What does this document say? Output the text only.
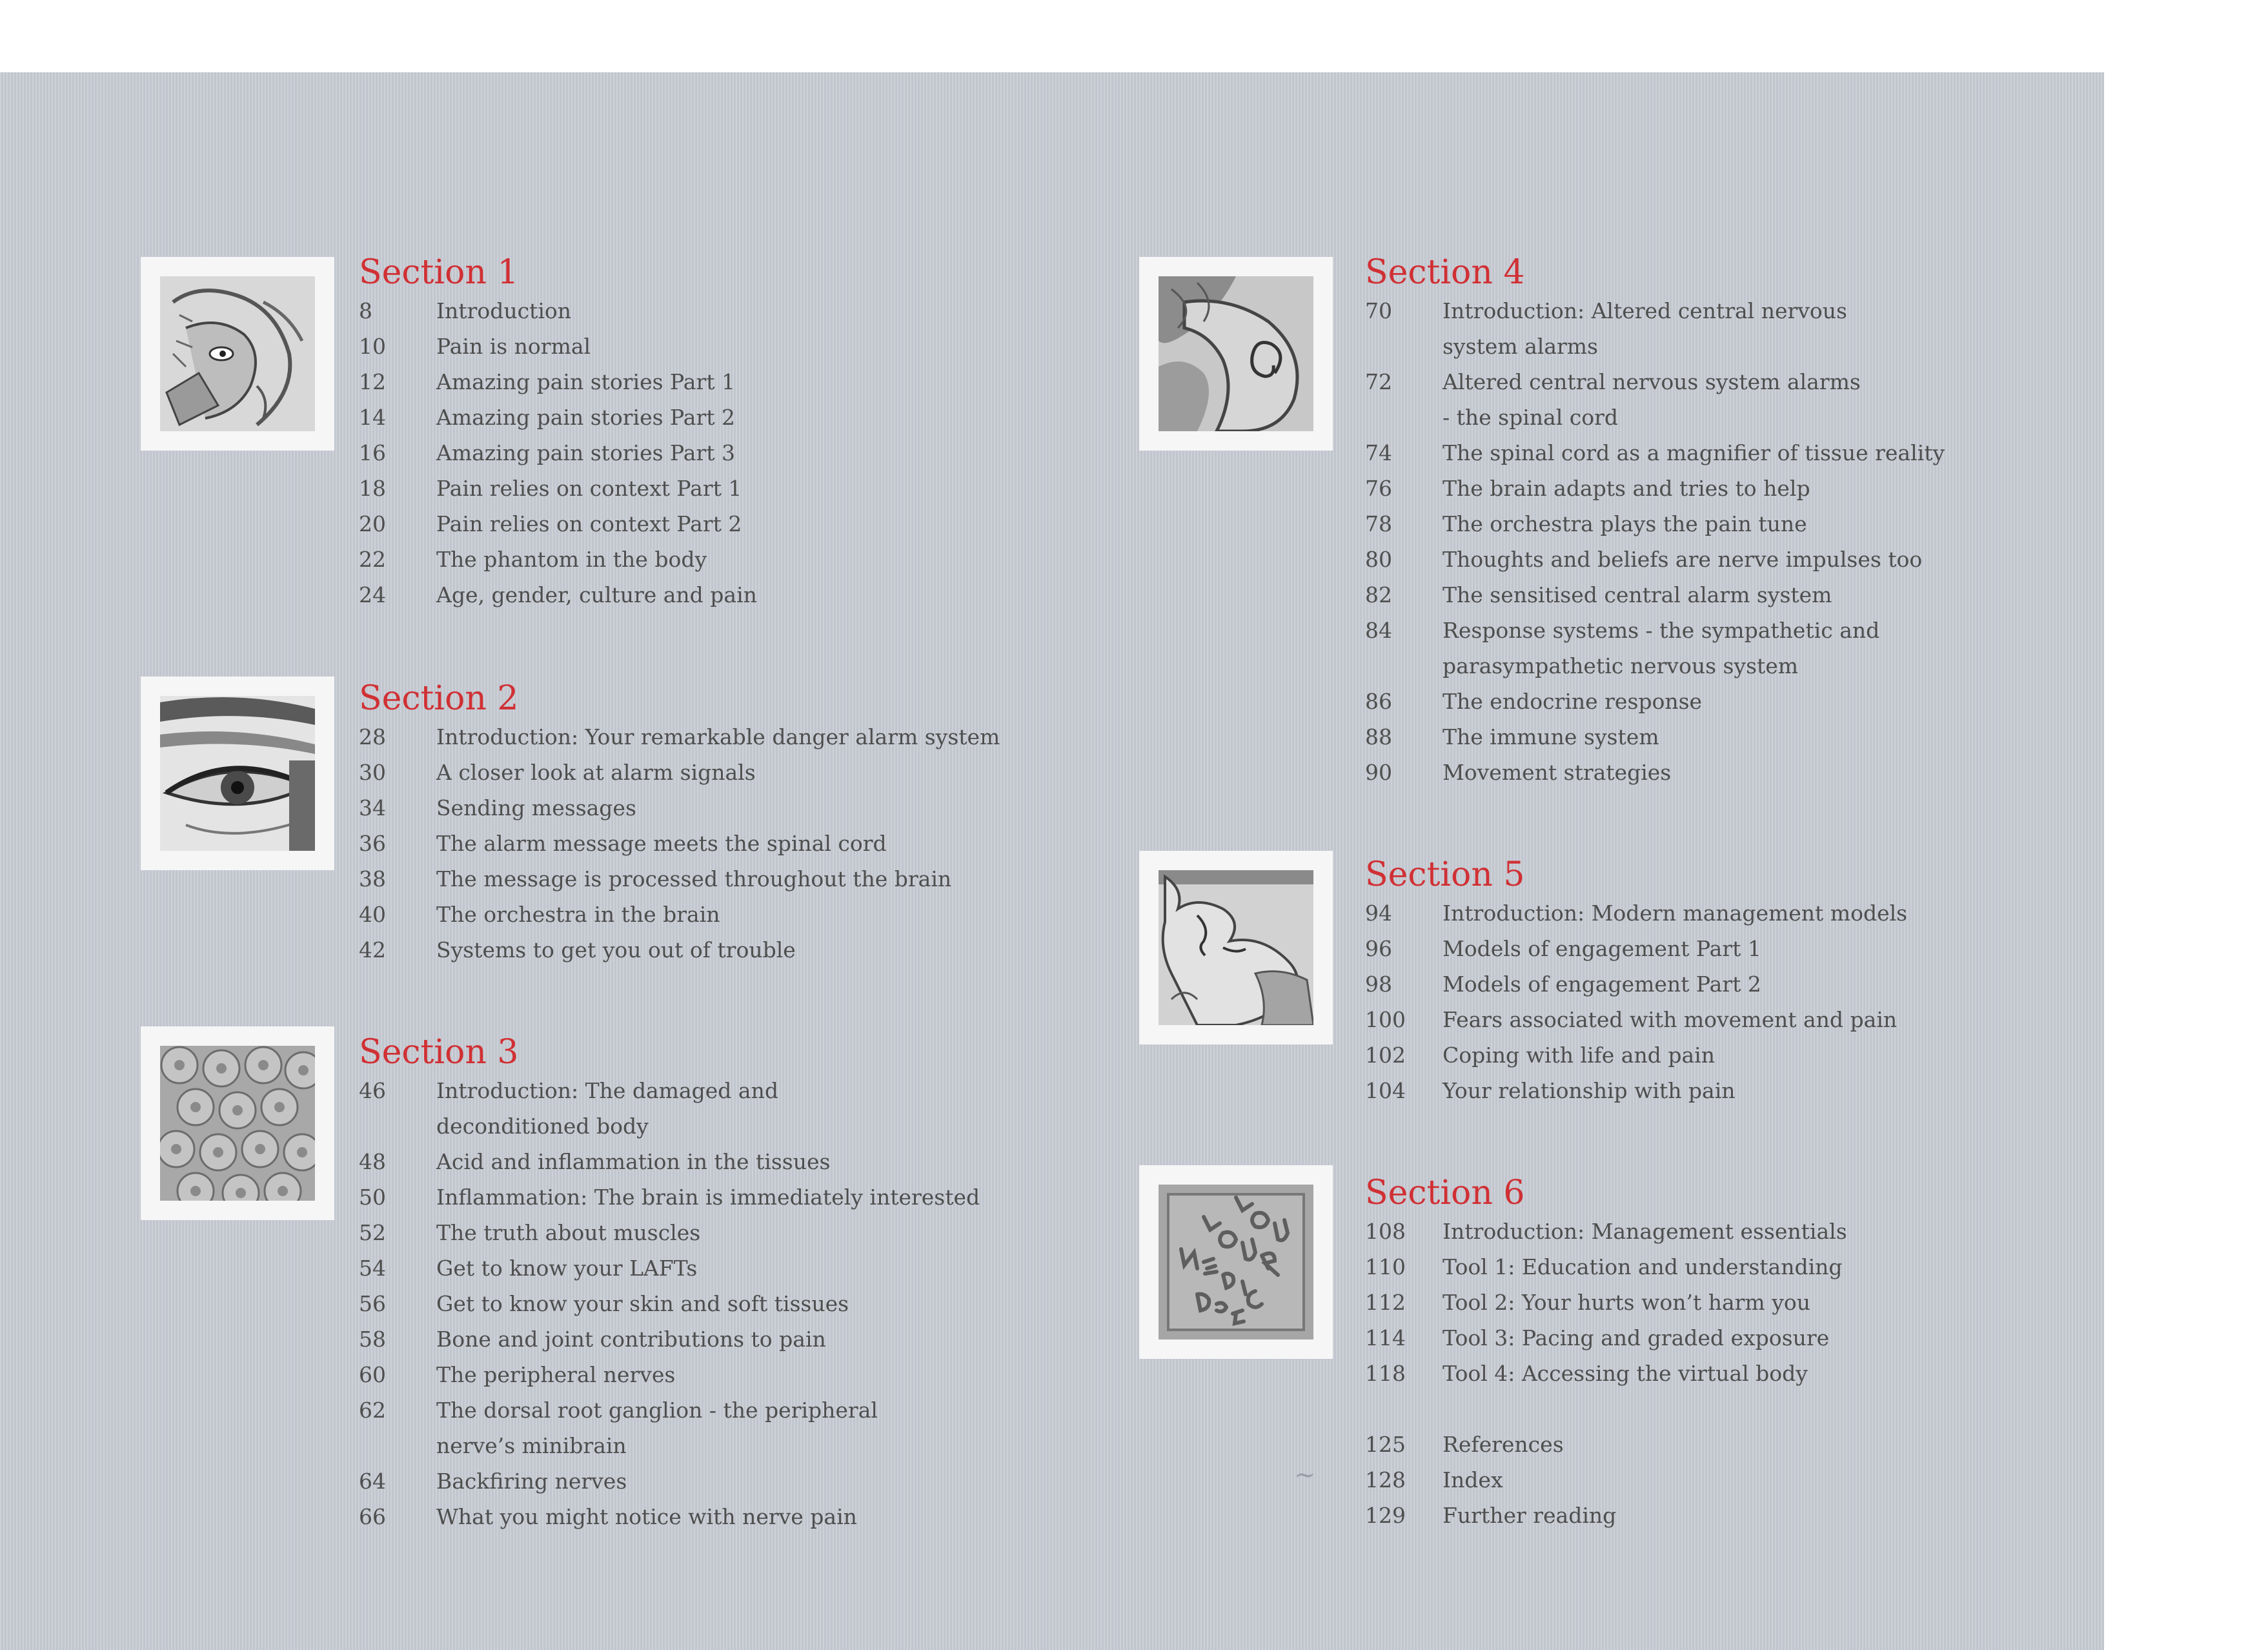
Section 1
8	Introduction
10	Pain is normal
12	Amazing pain stories Part 1
14	Amazing pain stories Part 2
16	Amazing pain stories Part 3
18	Pain relies on context Part 1
20	Pain relies on context Part 2
22	The phantom in the body
24	Age, gender, culture and pain
Section 2
28	Introduction: Your remarkable danger alarm system
30	A closer look at alarm signals
34	Sending messages
36	The alarm message meets the spinal cord
38	The message is processed throughout the brain
40	The orchestra in the brain
42	Systems to get you out of trouble
Section 3
46	Introduction: The damaged and
deconditioned body
48	Acid and inflammation in the tissues
50	Inflammation: The brain is immediately interested
52	The truth about muscles
54	Get to know your LAFTs
56	Get to know your skin and soft tissues
58	Bone and joint contributions to pain
60	The peripheral nerves
62	The dorsal root ganglion - the peripheral
nerve’s minibrain
64	Backfiring nerves
66	What you might notice with nerve pain
Section 4
70	Introduction: Altered central nervous
system alarms
72	Altered central nervous system alarms
- the spinal cord
74	The spinal cord as a magnifier of tissue reality
76	The brain adapts and tries to help
78	The orchestra plays the pain tune
80	Thoughts and beliefs are nerve impulses too
82	The sensitised central alarm system
84	Response systems - the sympathetic and
parasympathetic nervous system
86	The endocrine response
88	The immune system
90	Movement strategies
Section 5
94	Introduction: Modern management models
96	Models of engagement Part 1
98	Models of engagement Part 2
100	Fears associated with movement and pain
102	Coping with life and pain
104	Your relationship with pain
Section 6
108	Introduction: Management essentials
110	Tool 1: Education and understanding
112	Tool 2: Your hurts won’t harm you
114	Tool 3: Pacing and graded exposure
118	Tool 4: Accessing the virtual body
125	References
128	Index
129	Further reading
∼
